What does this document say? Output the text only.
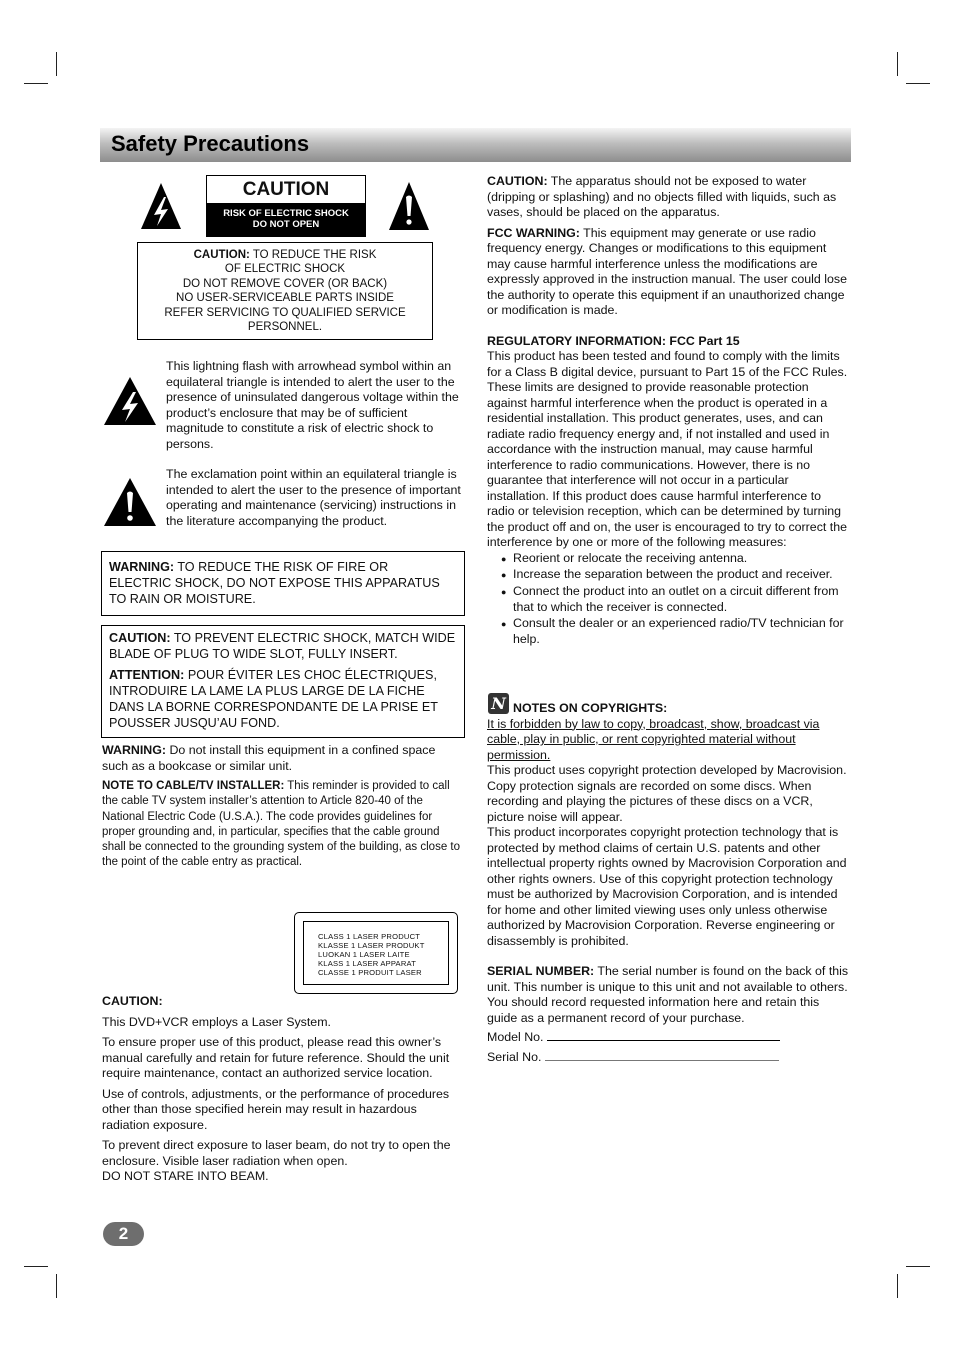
Safety Precautions
CAUTION
RISK OF ELECTRIC SHOCK
DO NOT OPEN
CAUTION: TO REDUCE THE RISK
OF ELECTRIC SHOCK
DO NOT REMOVE COVER (OR BACK)
NO USER-SERVICEABLE PARTS INSIDE
REFER SERVICING TO QUALIFIED SERVICE
PERSONNEL.

This lightning flash with arrowhead symbol within an equilateral triangle is intended to alert the user to the presence of uninsulated dangerous voltage within the product’s enclosure that may be of sufficient magnitude to constitute a risk of electric shock to persons.

The exclamation point within an equilateral triangle is intended to alert the user to the presence of important operating and maintenance (servicing) instructions in the literature accompanying the product.

WARNING: TO REDUCE THE RISK OF FIRE OR ELECTRIC SHOCK, DO NOT EXPOSE THIS APPARATUS TO RAIN OR MOISTURE.

CAUTION: TO PREVENT ELECTRIC SHOCK, MATCH WIDE BLADE OF PLUG TO WIDE SLOT, FULLY INSERT.

ATTENTION: POUR ÉVITER LES CHOC ÉLECTRIQUES, INTRODUIRE LA LAME LA PLUS LARGE DE LA FICHE DANS LA BORNE CORRESPONDANTE DE LA PRISE ET POUSSER JUSQU’AU FOND.

WARNING: Do not install this equipment in a confined space such as a bookcase or similar unit.

NOTE TO CABLE/TV INSTALLER: This reminder is provided to call the cable TV system installer’s attention to Article 820-40 of the National Electric Code (U.S.A.). The code provides guidelines for proper grounding and, in particular, specifies that the cable ground shall be connected to the grounding system of the building, as close to the point of the cable entry as practical.

CLASS 1 LASER PRODUCT
KLASSE 1 LASER PRODUKT
LUOKAN 1 LASER LAITE
KLASS 1 LASER APPARAT
CLASSE 1 PRODUIT LASER

CAUTION:

This DVD+VCR employs a Laser System.

To ensure proper use of this product, please read this owner’s manual carefully and retain for future reference. Should the unit require maintenance, contact an authorized service location.

Use of controls, adjustments, or the performance of procedures other than those specified herein may result in hazardous radiation exposure.

To prevent direct exposure to laser beam, do not try to open the enclosure. Visible laser radiation when open.

DO NOT STARE INTO BEAM.

CAUTION: The apparatus should not be exposed to water (dripping or splashing) and no objects filled with liquids, such as vases, should be placed on the apparatus.

FCC WARNING: This equipment may generate or use radio frequency energy. Changes or modifications to this equipment may cause harmful interference unless the modifications are expressly approved in the instruction manual. The user could lose the authority to operate this equipment if an unauthorized change or modification is made.

REGULATORY INFORMATION: FCC Part 15

This product has been tested and found to comply with the limits for a Class B digital device, pursuant to Part 15 of the FCC Rules. These limits are designed to provide reasonable protection against harmful interference when the product is operated in a residential installation. This product generates, uses, and can radiate radio frequency energy and, if not installed and used in accordance with the instruction manual, may cause harmful interference to radio communications. However, there is no guarantee that interference will not occur in a particular installation. If this product does cause harmful interference to radio or television reception, which can be determined by turning the product off and on, the user is encouraged to try to correct the interference by one or more of the following measures:

● Reorient or relocate the receiving antenna.
● Increase the separation between the product and receiver.
● Connect the product into an outlet on a circuit different from that to which the receiver is connected.
● Consult the dealer or an experienced radio/TV technician for help.
N NOTES ON COPYRIGHTS:

It is forbidden by law to copy, broadcast, show, broadcast via cable, play in public, or rent copyrighted material without permission.

This product uses copyright protection developed by Macrovision. Copy protection signals are recorded on some discs. When recording and playing the pictures of these discs on a VCR, picture noise will appear.

This product incorporates copyright protection technology that is protected by method claims of certain U.S. patents and other intellectual property rights owned by Macrovision Corporation and other rights owners. Use of this copyright protection technology must be authorized by Macrovision Corporation, and is intended for home and other limited viewing uses only unless otherwise authorized by Macrovision Corporation. Reverse engineering or disassembly is prohibited.

SERIAL NUMBER: The serial number is found on the back of this unit. This number is unique to this unit and not available to others. You should record requested information here and retain this guide as a permanent record of your purchase.

Model No.

Serial No.

2
